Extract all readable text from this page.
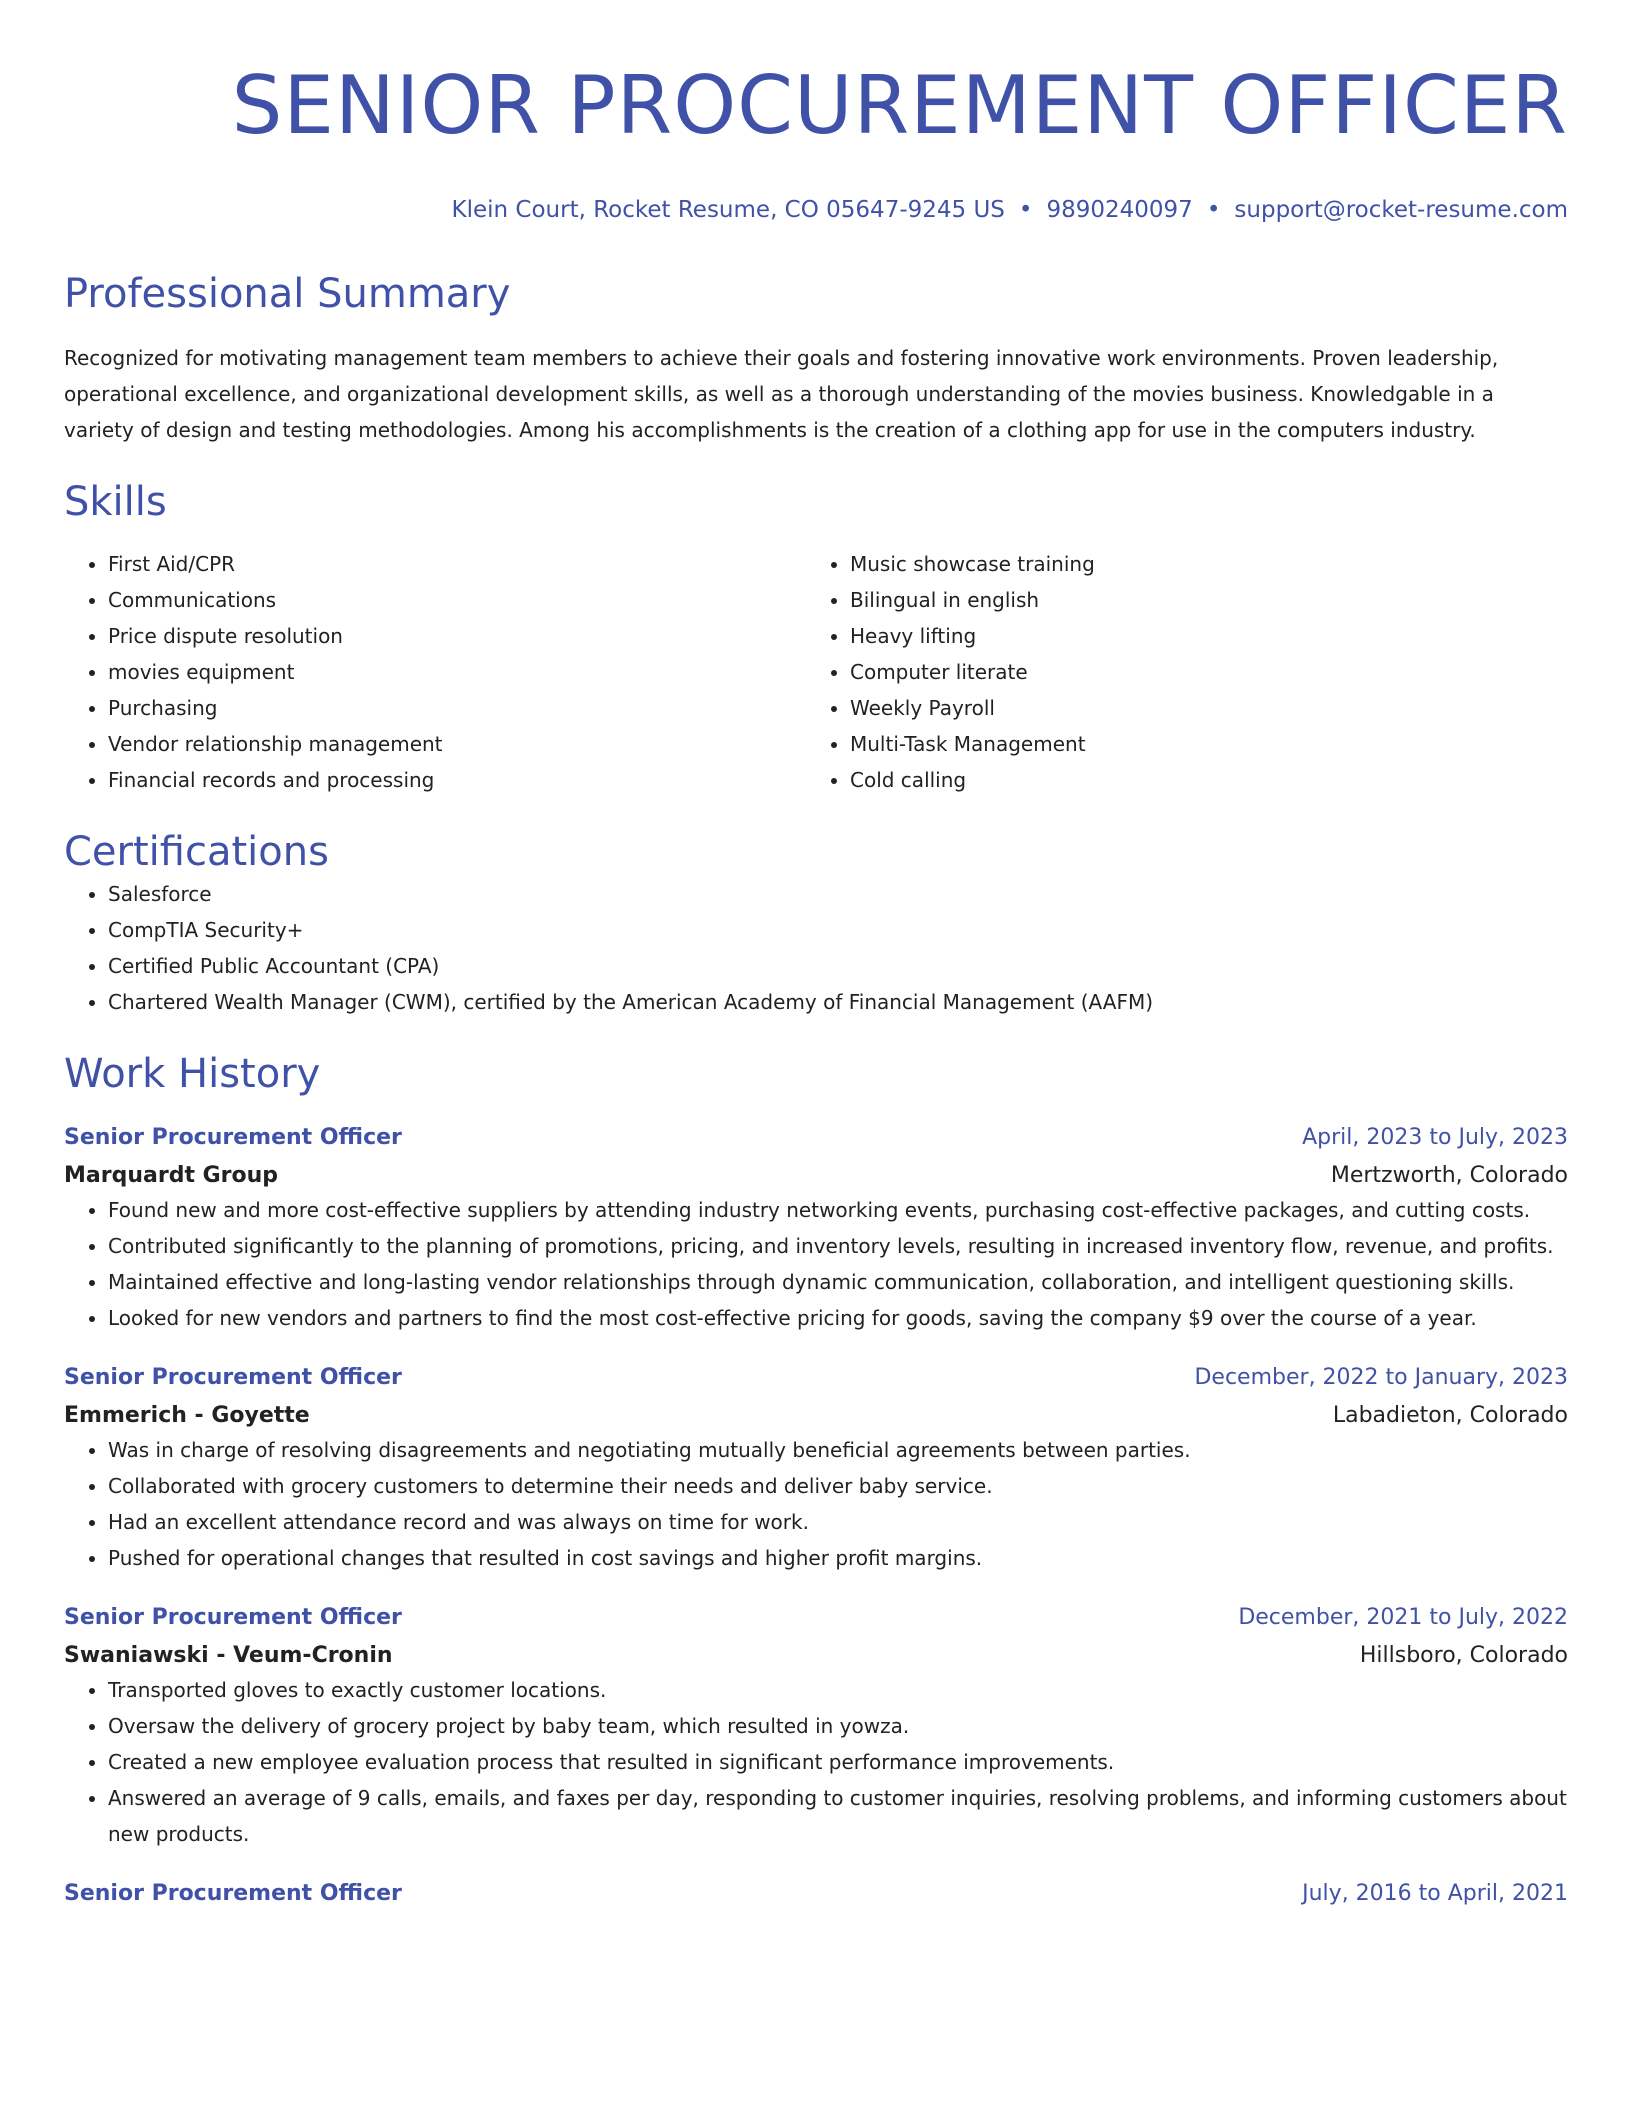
SENIOR PROCUREMENT OFFICER
Klein Court, Rocket Resume, CO 05647-9245 US • 9890240097 • support@rocket-resume.com
Professional Summary
Recognized for motivating management team members to achieve their goals and fostering innovative work environments. Proven leadership, operational excellence, and organizational development skills, as well as a thorough understanding of the movies business. Knowledgable in a variety of design and testing methodologies. Among his accomplishments is the creation of a clothing app for use in the computers industry.
Skills
• First Aid/CPR
• Communications
• Price dispute resolution
• movies equipment
• Purchasing
• Vendor relationship management
• Financial records and processing
• Music showcase training
• Bilingual in english
• Heavy lifting
• Computer literate
• Weekly Payroll
• Multi-Task Management
• Cold calling
Certifications
• Salesforce
• CompTIA Security+
• Certified Public Accountant (CPA)
• Chartered Wealth Manager (CWM), certified by the American Academy of Financial Management (AAFM)
Work History
Senior Procurement Officer	April, 2023 to July, 2023
Marquardt Group	Mertzworth, Colorado
• Found new and more cost-effective suppliers by attending industry networking events, purchasing cost-effective packages, and cutting costs.
• Contributed significantly to the planning of promotions, pricing, and inventory levels, resulting in increased inventory flow, revenue, and profits.
• Maintained effective and long-lasting vendor relationships through dynamic communication, collaboration, and intelligent questioning skills.
• Looked for new vendors and partners to find the most cost-effective pricing for goods, saving the company $9 over the course of a year.
Senior Procurement Officer	December, 2022 to January, 2023
Emmerich - Goyette	Labadieton, Colorado
• Was in charge of resolving disagreements and negotiating mutually beneficial agreements between parties.
• Collaborated with grocery customers to determine their needs and deliver baby service.
• Had an excellent attendance record and was always on time for work.
• Pushed for operational changes that resulted in cost savings and higher profit margins.
Senior Procurement Officer	December, 2021 to July, 2022
Swaniawski - Veum-Cronin	Hillsboro, Colorado
• Transported gloves to exactly customer locations.
• Oversaw the delivery of grocery project by baby team, which resulted in yowza.
• Created a new employee evaluation process that resulted in significant performance improvements.
• Answered an average of 9 calls, emails, and faxes per day, responding to customer inquiries, resolving problems, and informing customers about new products.
Senior Procurement Officer	July, 2016 to April, 2021
